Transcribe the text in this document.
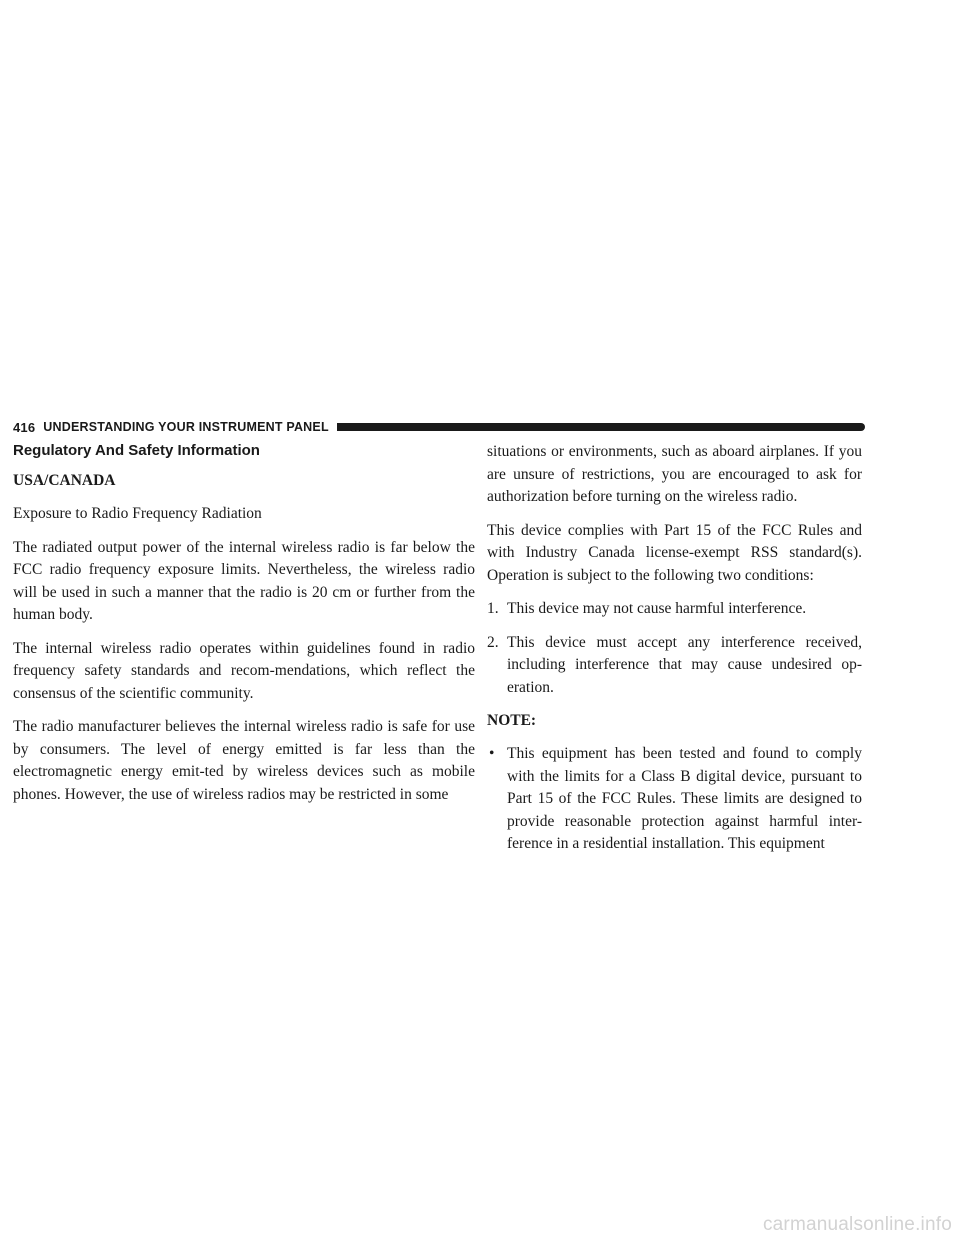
416 UNDERSTANDING YOUR INSTRUMENT PANEL
Regulatory And Safety Information
USA/CANADA
Exposure to Radio Frequency Radiation

The radiated output power of the internal wireless radio is far below the FCC radio frequency exposure limits. Nevertheless, the wireless radio will be used in such a manner that the radio is 20 cm or further from the human body.

The internal wireless radio operates within guidelines found in radio frequency safety standards and recom-mendations, which reflect the consensus of the scientific community.

The radio manufacturer believes the internal wireless radio is safe for use by consumers. The level of energy emitted is far less than the electromagnetic energy emit-ted by wireless devices such as mobile phones. However, the use of wireless radios may be restricted in some

situations or environments, such as aboard airplanes. If you are unsure of restrictions, you are encouraged to ask for authorization before turning on the wireless radio.

This device complies with Part 15 of the FCC Rules and with Industry Canada license-exempt RSS standard(s). Operation is subject to the following two conditions:

1. This device may not cause harmful interference.
2. This device must accept any interference received, including interference that may cause undesired op-eration.
NOTE:
• This equipment has been tested and found to comply with the limits for a Class B digital device, pursuant to Part 15 of the FCC Rules. These limits are designed to provide reasonable protection against harmful inter-ference in a residential installation. This equipment
carmanualsonline.info
